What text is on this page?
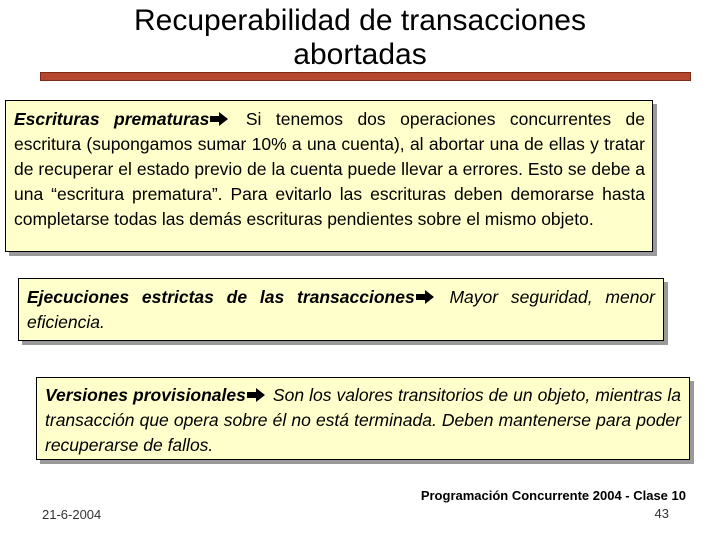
Recuperabilidad de transacciones
abortadas

Escrituras prematuras
Si tenemos dos operaciones concurrentes de escritura (supongamos sumar 10% a una cuenta), al abortar una de ellas y tratar de recuperar el estado previo de la cuenta puede llevar a errores. Esto se debe a una “escritura prematura”. Para evitarlo las escrituras deben demorarse hasta completarse todas las demás escrituras pendientes sobre el mismo objeto.

Ejecuciones estrictas de las transacciones
Mayor seguridad, menor eficiencia.

Versiones provisionales
Son los valores transitorios de un objeto, mientras la transacción que opera sobre él no está terminada. Deben mantenerse para poder recuperarse de fallos.

Programación Concurrente 2004 - Clase 10
43
21-6-2004
